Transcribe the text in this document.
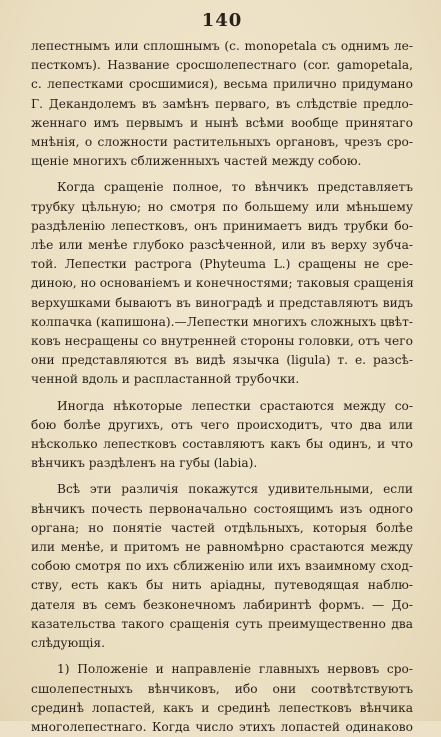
140
лепестнымъ или сплошнымъ (с. monopetala съ однимъ ле-
песткомъ). Название сросшолепестнаго (cor. gamopetala,
с. лепестками сросшимися), весьма прилично придумано
Г. Декандолемъ въ замѣнъ перваго, въ слѣдствіе предло-
женнаго имъ первымъ и нынѣ всѣми вообще принятаго
мнѣнія, о сложности растительныхъ органовъ, чрезъ сро-
щеніе многихъ сближенныхъ частей между собою.
Когда сращеніе полное, то вѣнчикъ представляетъ
трубку цѣльную; но смотря по большему или мѣньшему
раздѣленію лепестковъ, онъ принимаетъ видъ трубки бо-
лѣе или менѣе глубоко разсѣченной, или въ верху зубча-
той. Лепестки растрога (Phyteuma L.) сращены не сре-
диною, но основаніемъ и конечностями; таковыя сращенія
верхушками бываютъ въ виноградѣ и представляютъ видъ
колпачка (капишона).—Лепестки многихъ сложныхъ цвѣт-
ковъ несращены со внутренней стороны головки, отъ чего
они представляются въ видѣ язычка (ligula) т. е. разсѣ-
ченной вдоль и распластанной трубочки.
Иногда нѣкоторые лепестки срастаются между со-
бою болѣе другихъ, отъ чего происходитъ, что два или
нѣсколько лепестковъ составляютъ какъ бы одинъ, и что
вѣнчикъ раздѣленъ на губы (labia).
Всѣ эти различія покажутся удивительными, если
вѣнчикъ почесть первоначально состоящимъ изъ одного
органа; но понятіе частей отдѣльныхъ, которыя болѣе
или менѣе, и притомъ не равномѣрно срастаются между
собою смотря по ихъ сближенію или ихъ взаимному сход-
ству, есть какъ бы нить аріадны, путеводящая наблю-
дателя въ семъ безконечномъ лабиринтѣ формъ. — До-
казательства такого сращенія суть преимущественно два
слѣдующія.
1) Положеніе и направленіе главныхъ нервовъ сро-
сшолепестныхъ вѣнчиковъ, ибо они соотвѣтствуютъ
срединѣ лопастей, какъ и срединѣ лепестковъ вѣнчика
многолепестнаго. Когда число этихъ лопастей одинаково
